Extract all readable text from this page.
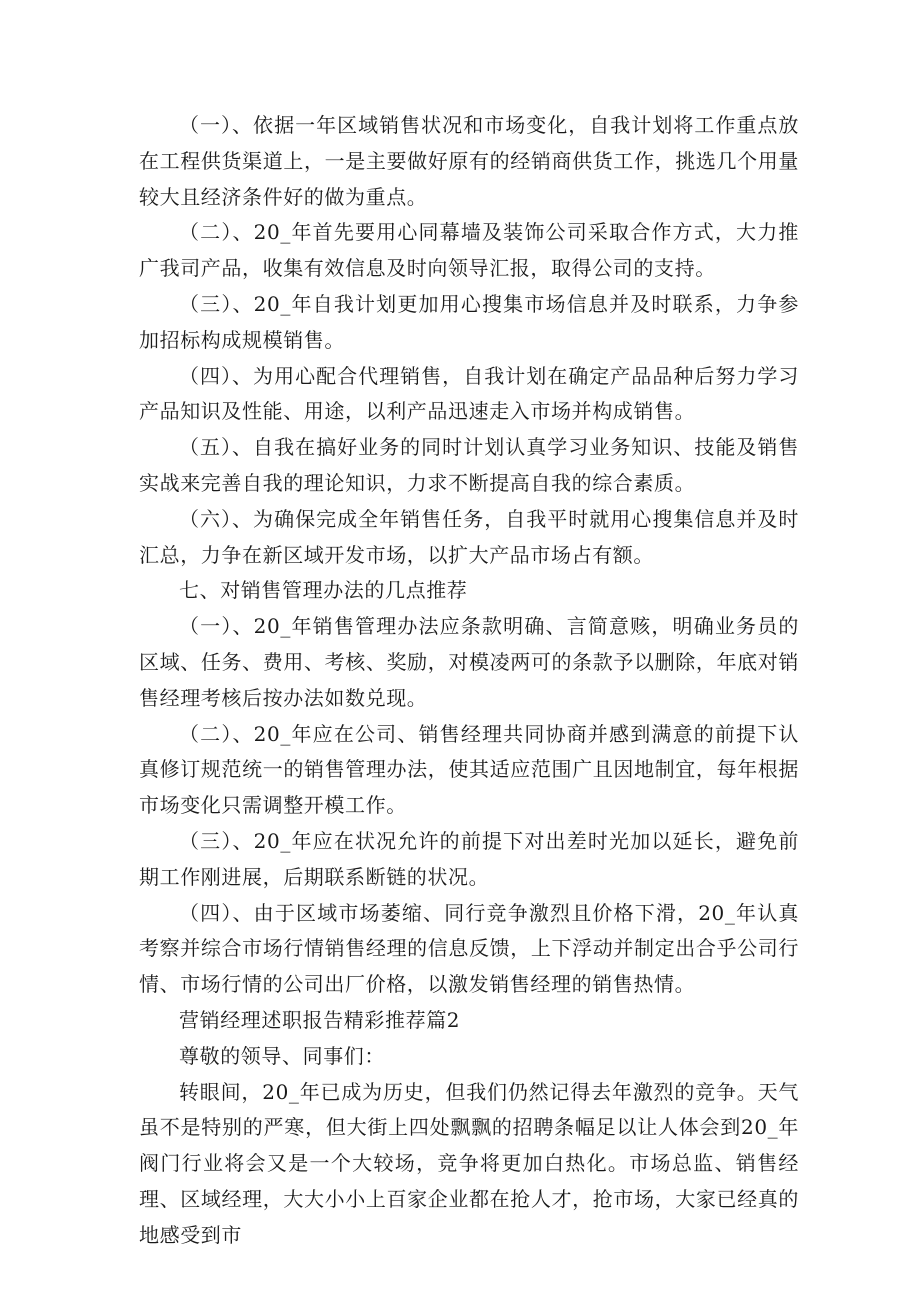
（一）、依据一年区域销售状况和市场变化，自我计划将工作重点放在工程供货渠道上，一是主要做好原有的经销商供货工作，挑选几个用量较大且经济条件好的做为重点。

（二）、20_年首先要用心同幕墙及装饰公司采取合作方式，大力推广我司产品，收集有效信息及时向领导汇报，取得公司的支持。

（三）、20_年自我计划更加用心搜集市场信息并及时联系，力争参加招标构成规模销售。

（四）、为用心配合代理销售，自我计划在确定产品品种后努力学习产品知识及性能、用途，以利产品迅速走入市场并构成销售。

（五）、自我在搞好业务的同时计划认真学习业务知识、技能及销售实战来完善自我的理论知识，力求不断提高自我的综合素质。

（六）、为确保完成全年销售任务，自我平时就用心搜集信息并及时汇总，力争在新区域开发市场，以扩大产品市场占有额。

七、对销售管理办法的几点推荐

（一）、20_年销售管理办法应条款明确、言简意赅，明确业务员的区域、任务、费用、考核、奖励，对模凌两可的条款予以删除，年底对销售经理考核后按办法如数兑现。

（二）、20_年应在公司、销售经理共同协商并感到满意的前提下认真修订规范统一的销售管理办法，使其适应范围广且因地制宜，每年根据市场变化只需调整开模工作。

（三）、20_年应在状况允许的前提下对出差时光加以延长，避免前期工作刚进展，后期联系断链的状况。

（四）、由于区域市场萎缩、同行竞争激烈且价格下滑，20_年认真考察并综合市场行情销售经理的信息反馈，上下浮动并制定出合乎公司行情、市场行情的公司出厂价格，以激发销售经理的销售热情。

营销经理述职报告精彩推荐篇2

尊敬的领导、同事们：

转眼间，20_年已成为历史，但我们仍然记得去年激烈的竞争。天气虽不是特别的严寒，但大街上四处飘飘的招聘条幅足以让人体会到20_年阀门行业将会又是一个大较场，竞争将更加白热化。市场总监、销售经理、区域经理，大大小小上百家企业都在抢人才，抢市场，大家已经真的地感受到市
